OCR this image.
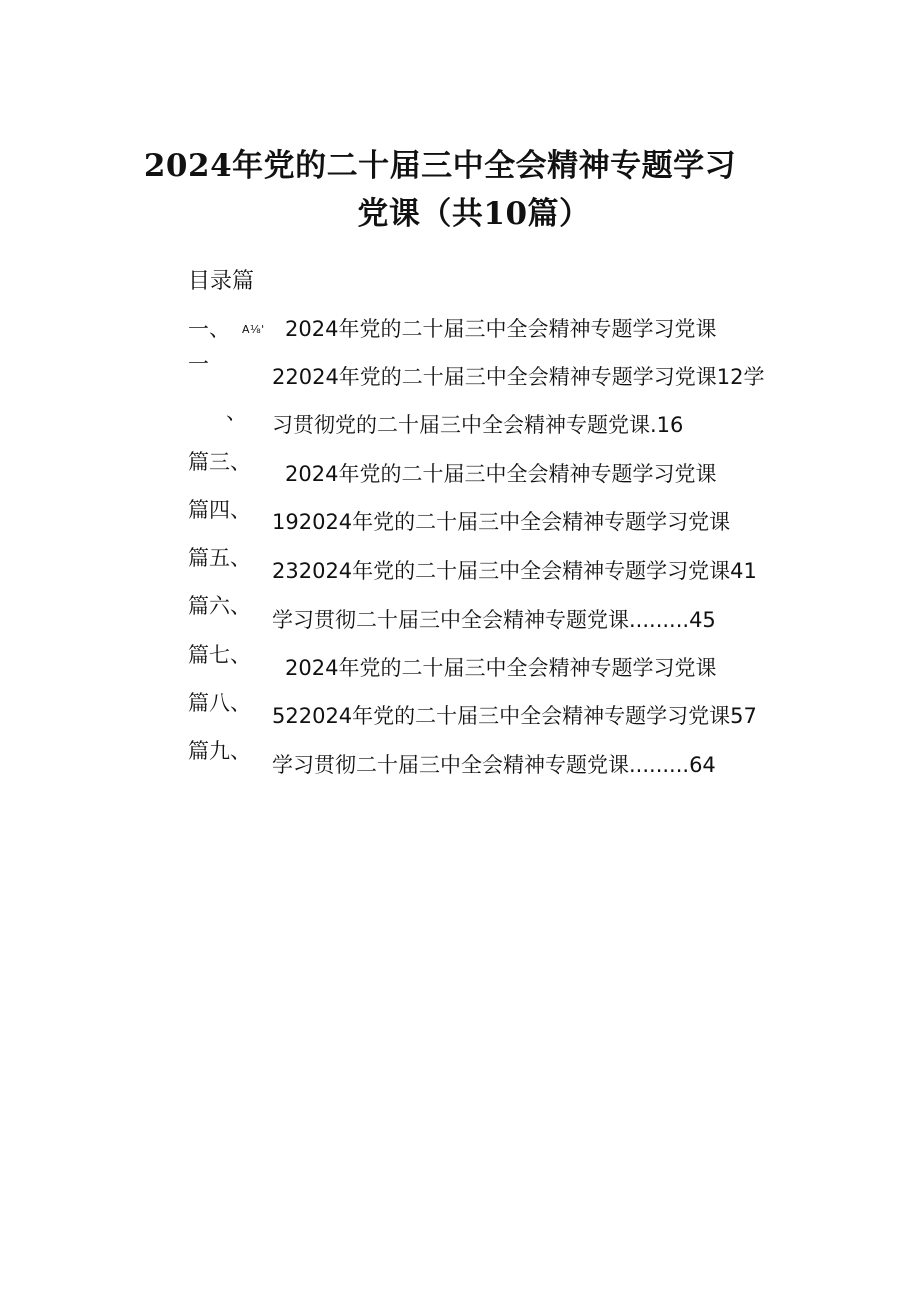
2024年党的二十届三中全会精神专题学习
党课（共10篇）
目录篇
一、 A⅛'
一
、
篇三、
篇四、
篇五、
篇六、
篇七、
篇八、
篇九、
2024年党的二十届三中全会精神专题学习党课
22024年党的二十届三中全会精神专题学习党课12学
习贯彻党的二十届三中全会精神专题党课.16
2024年党的二十届三中全会精神专题学习党课
192024年党的二十届三中全会精神专题学习党课
232024年党的二十届三中全会精神专题学习党课41
学习贯彻二十届三中全会精神专题党课.........45
2024年党的二十届三中全会精神专题学习党课
522024年党的二十届三中全会精神专题学习党课57
学习贯彻二十届三中全会精神专题党课.........64
